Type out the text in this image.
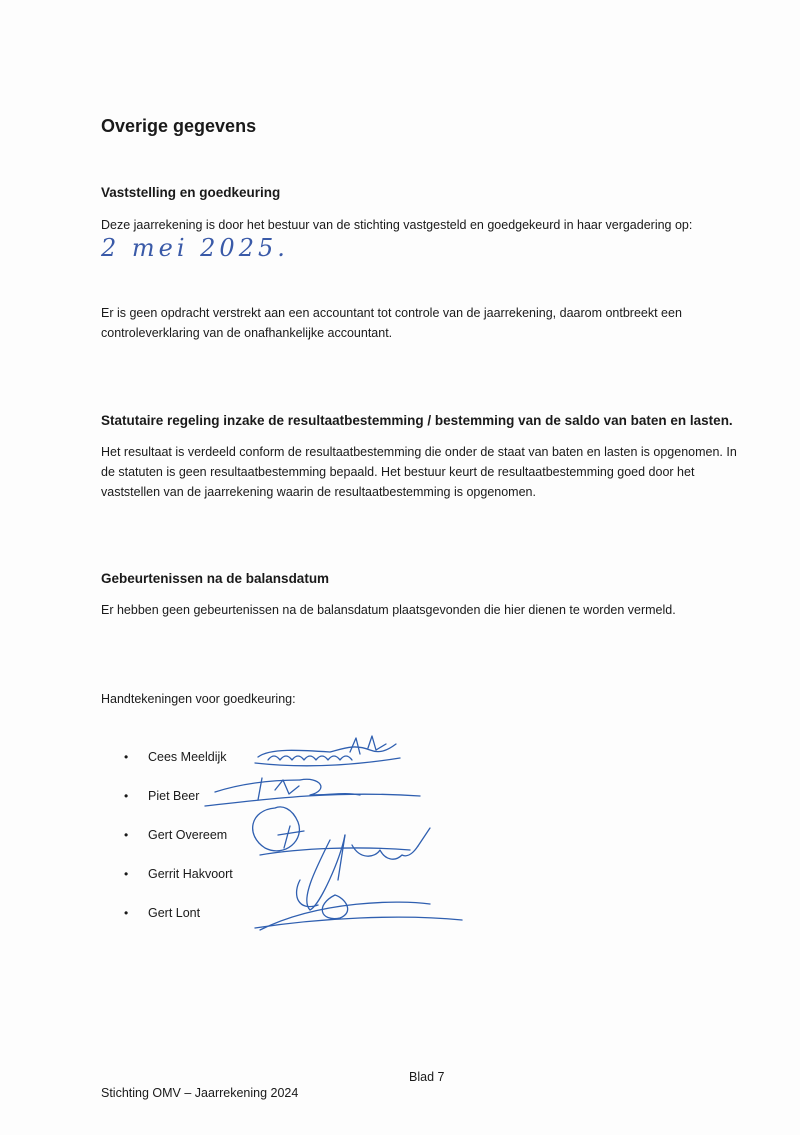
Overige gegevens
Vaststelling en goedkeuring
Deze jaarrekening is door het bestuur van de stichting vastgesteld en goedgekeurd in haar vergadering op:
2 mei 2025.
Er is geen opdracht verstrekt aan een accountant tot controle van de jaarrekening, daarom ontbreekt een controleverklaring van de onafhankelijke accountant.
Statutaire regeling inzake de resultaatbestemming / bestemming van de saldo van baten en lasten.
Het resultaat is verdeeld conform de resultaatbestemming die onder de staat van baten en lasten is opgenomen. In de statuten is geen resultaatbestemming bepaald. Het bestuur keurt de resultaatbestemming goed door het vaststellen van de jaarrekening waarin de resultaatbestemming is opgenomen.
Gebeurtenissen na de balansdatum
Er hebben geen gebeurtenissen na de balansdatum plaatsgevonden die hier dienen te worden vermeld.
Handtekeningen voor goedkeuring:
•	Cees Meeldijk
•	Piet Beer
•	Gert Overeem
•	Gerrit Hakvoort
•	Gert Lont
Blad 7
Stichting OMV – Jaarrekening 2024
